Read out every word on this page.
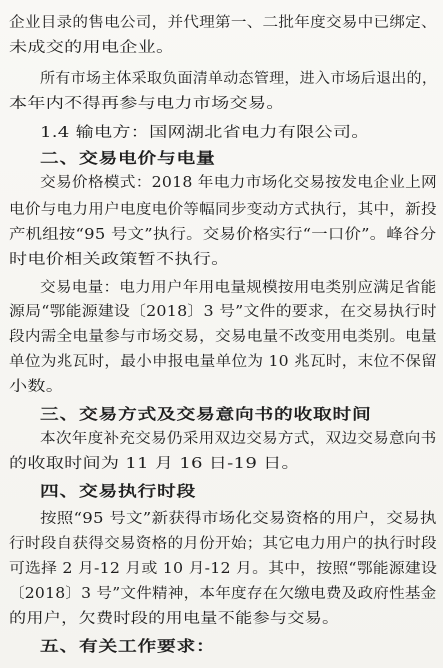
企业目录的售电公司，并代理第一、二批年度交易中已绑定、
未成交的用电企业。
所有市场主体采取负面清单动态管理，进入市场后退出的，
本年内不得再参与电力市场交易。
1.4 输电方：国网湖北省电力有限公司。
二、交易电价与电量
交易价格模式：2018 年电力市场化交易按发电企业上网
电价与电力用户电度电价等幅同步变动方式执行，其中，新投
产机组按“95 号文”执行。交易价格实行“一口价”。峰谷分
时电价相关政策暂不执行。
交易电量：电力用户年用电量规模按用电类别应满足省能
源局“鄂能源建设〔2018〕3 号”文件的要求，在交易执行时
段内需全电量参与市场交易，交易电量不改变用电类别。电量
单位为兆瓦时，最小申报电量单位为 10 兆瓦时，末位不保留
小数。
三、交易方式及交易意向书的收取时间
本次年度补充交易仍采用双边交易方式，双边交易意向书
的收取时间为 11 月 16 日-19 日。
四、交易执行时段
按照“95 号文”新获得市场化交易资格的用户，交易执
行时段自获得交易资格的月份开始；其它电力用户的执行时段
可选择 2 月-12 月或 10 月-12 月。其中，按照“鄂能源建设
〔2018〕3 号”文件精神，本年度存在欠缴电费及政府性基金
的用户，欠费时段的用电量不能参与交易。
五、有关工作要求：
